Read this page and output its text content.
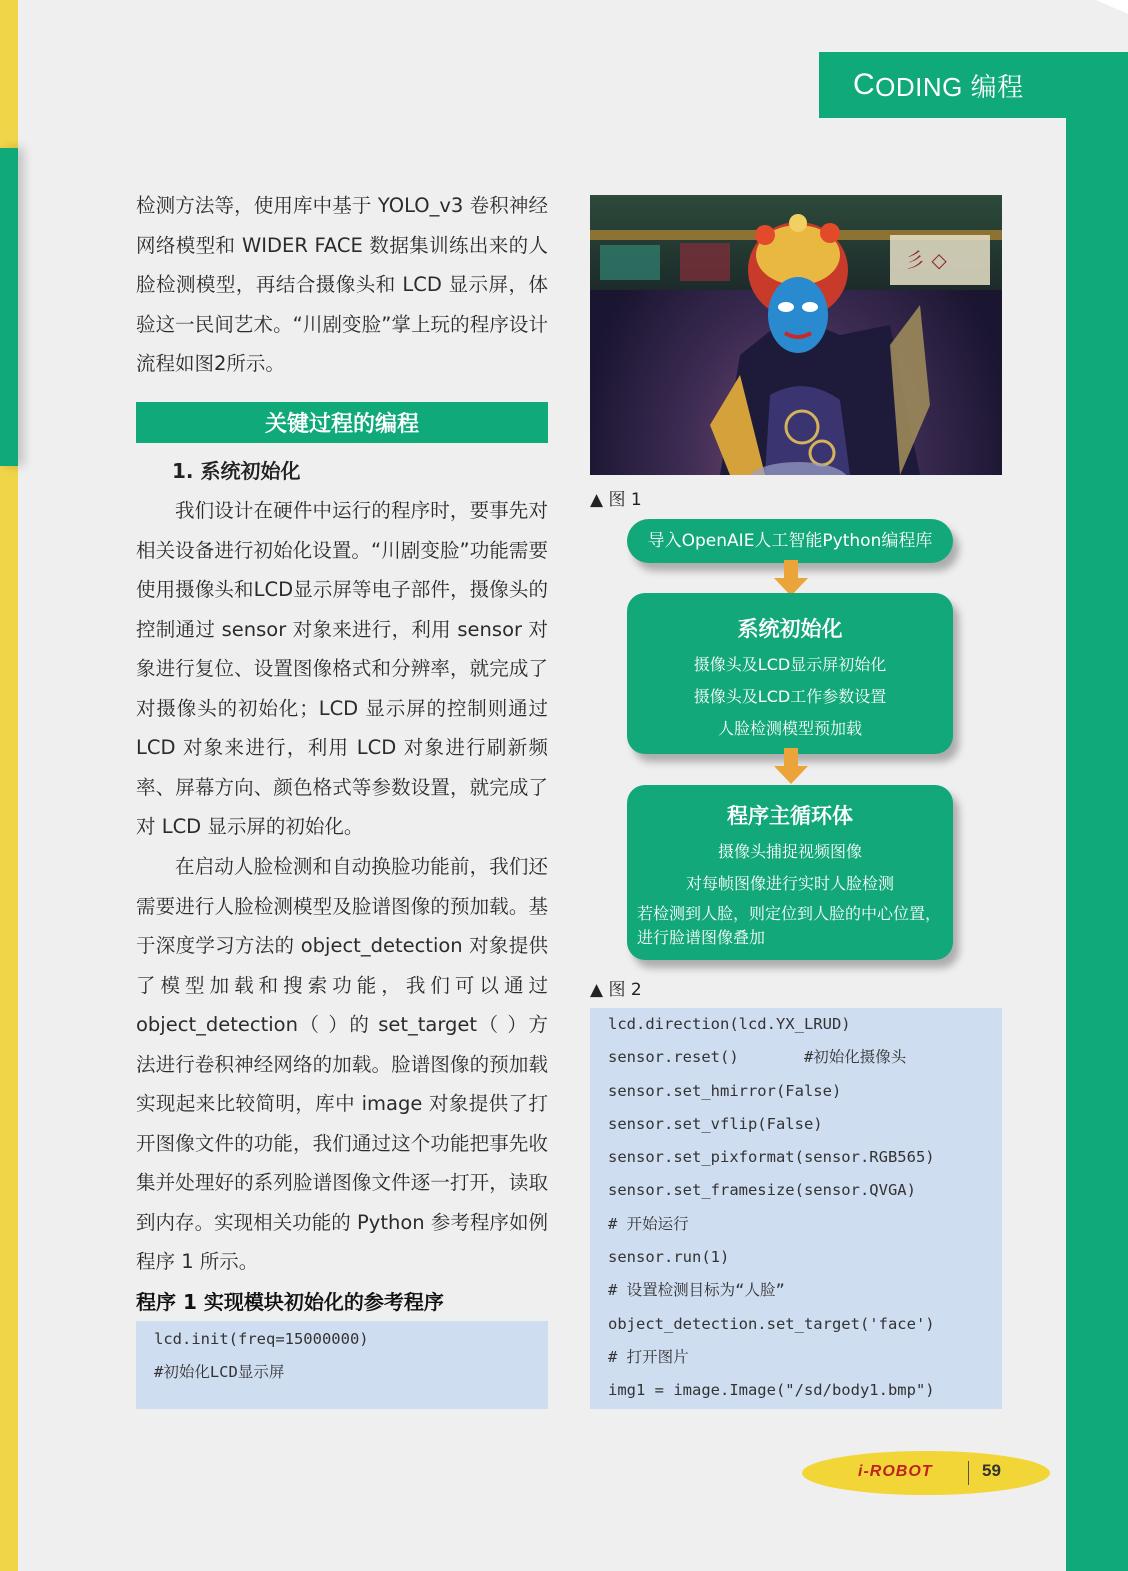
C ODING 编程
检测方法等，使用库中基于 YOLO_v3 卷积神经网络模型和 WIDER FACE 数据集训练出来的人脸检测模型，再结合摄像头和 LCD 显示屏，体验这一民间艺术。“川剧变脸”掌上玩的程序设计流程如图2所示。
关键过程的编程
1. 系统初始化
我们设计在硬件中运行的程序时，要事先对相关设备进行初始化设置。“川剧变脸”功能需要使用摄像头和LCD显示屏等电子部件，摄像头的控制通过 sensor 对象来进行，利用 sensor 对象进行复位、设置图像格式和分辨率，就完成了对摄像头的初始化；LCD 显示屏的控制则通过 LCD 对象来进行，利用 LCD 对象进行刷新频率、屏幕方向、颜色格式等参数设置，就完成了对 LCD 显示屏的初始化。
在启动人脸检测和自动换脸功能前，我们还需要进行人脸检测模型及脸谱图像的预加载。基于深度学习方法的 object_detection 对象提供了模型加载和搜索功能，我们可以通过 object_detection（ ）的 set_target（ ）方法进行卷积神经网络的加载。脸谱图像的预加载实现起来比较简明，库中 image 对象提供了打开图像文件的功能，我们通过这个功能把事先收集并处理好的系列脸谱图像文件逐一打开，读取到内存。实现相关功能的 Python 参考程序如例程序 1 所示。
程序 1 实现模块初始化的参考程序
lcd.init(freq=15000000)
#初始化LCD显示屏
彡 ◇
▲ 图 1
导入OpenAIE人工智能Python编程库
系统初始化
摄像头及LCD显示屏初始化
摄像头及LCD工作参数设置
人脸检测模型预加载
程序主循环体
摄像头捕捉视频图像
对每帧图像进行实时人脸检测
若检测到人脸，则定位到人脸的中心位置，进行脸谱图像叠加
▲ 图 2
lcd.direction(lcd.YX_LRUD)
sensor.reset()       #初始化摄像头
sensor.set_hmirror(False)
sensor.set_vflip(False)
sensor.set_pixformat(sensor.RGB565)
sensor.set_framesize(sensor.QVGA)
# 开始运行
sensor.run(1)
# 设置检测目标为“人脸”
object_detection.set_target('face')
# 打开图片
img1 = image.Image("/sd/body1.bmp")
i-ROBOT	59
